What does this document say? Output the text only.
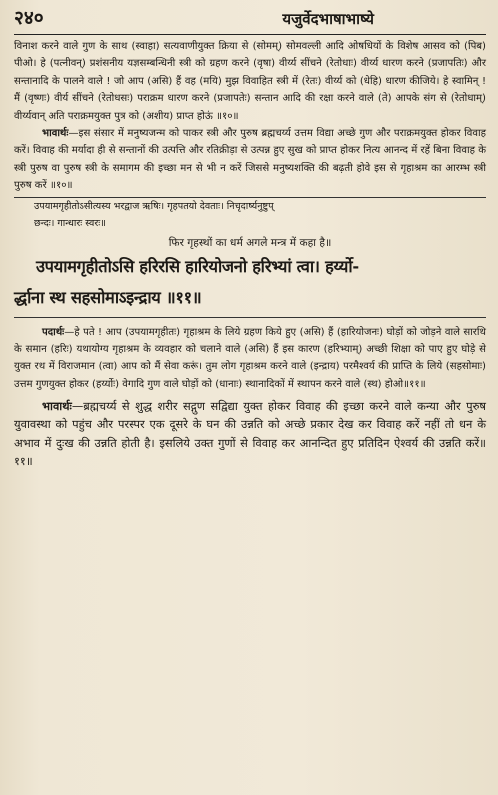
२४०	यजुर्वेदभाषाभाष्ये

विनाश करने वाले गुण के साथ (स्वाहा) सत्यवाणीयुक्त क्रिया से (सोमम्) सोमवल्ली आदि ओषधियों के विशेष आसव को (पिब) पीओ। हे (पत्नीवन्) प्रशंसनीय यज्ञसम्बन्धिनी स्त्री को ग्रहण करने (वृषा) वीर्य्य सींचने (रेतोधाः) वीर्य्य धारण करने (प्रजापतिः) और सन्तानादि के पालने वाले ! जो आप (असि) हैं वह (मयि) मुझ विवाहित स्त्री में (रेतः) वीर्य्य को (धेहि) धारण कीजिये। हे स्वामिन् ! मैं (वृष्णः) वीर्य सींचने (रेतोधसः) पराक्रम धारण करने (प्रजापतेः) सन्तान आदि की रक्षा करने वाले (ते) आपके संग से (रेतोधाम्) वीर्य्यवान् अति पराक्रमयुक्त पुत्र को (अशीय) प्राप्त होऊं ॥१०॥

भावार्थः—इस संसार में मनुष्यजन्म को पाकर स्त्री और पुरुष ब्रह्मचर्य्य उत्तम विद्या अच्छे गुण और पराक्रमयुक्त होकर विवाह करें। विवाह की मर्यादा ही से सन्तानों की उत्पत्ति और रतिक्रीड़ा से उत्पन्न हुए सुख को प्राप्त होकर नित्य आनन्द में रहें बिना विवाह के स्त्री पुरुष वा पुरुष स्त्री के समागम की इच्छा मन से भी न करें जिससे मनुष्यशक्ति की बढ़ती होवे इस से गृहाश्रम का आरम्भ स्त्री पुरुष करें ॥१०॥

उपयामगृहीतोऽसीत्यस्य भरद्वाज ऋषिः। गृहपतयो देवताः। निचृदार्ष्यनुष्टुप्

छन्दः। गान्धारः स्वरः॥

फिर गृहस्थों का धर्म अगले मन्त्र में कहा है॥

उपयामगृहीतोऽसि हरिरसि हारियोजनो हरिभ्यां त्वा। हर्य्यो-

र्द्धाना स्थ सहसोमाऽइन्द्राय ॥११॥

पदार्थः—हे पते ! आप (उपयामगृहीतः) गृहाश्रम के लिये ग्रहण किये हुए (असि) हैं (हारियोजनः) घोड़ों को जोड़ने वाले सारथि के समान (हरिः) यथायोग्य गृहाश्रम के व्यवहार को चलाने वाले (असि) हैं इस कारण (हरिभ्याम्) अच्छी शिक्षा को पाए हुए घोड़े से युक्त रथ में विराजमान (त्वा) आप को मैं सेवा करूं। तुम लोग गृहाश्रम करने वाले (इन्द्राय) परमैश्वर्य की प्राप्ति के लिये (सहसोमाः) उत्तम गुणयुक्त होकर (हर्य्योः) वेगादि गुण वाले घोड़ों को (धानाः) स्थानादिकों में स्थापन करने वाले (स्थ) होओ॥११॥

भावार्थः—ब्रह्मचर्य्य से शुद्ध शरीर सद्गुण सद्विद्या युक्त होकर विवाह की इच्छा करने वाले कन्या और पुरुष युवावस्था को पहुंच और परस्पर एक दूसरे के घन की उन्नति को अच्छे प्रकार देख कर विवाह करें नहीं तो धन के अभाव में दुःख की उन्नति होती है। इसलिये उक्त गुणों से विवाह कर आनन्दित हुए प्रतिदिन ऐश्वर्य की उन्नति करें॥११॥
